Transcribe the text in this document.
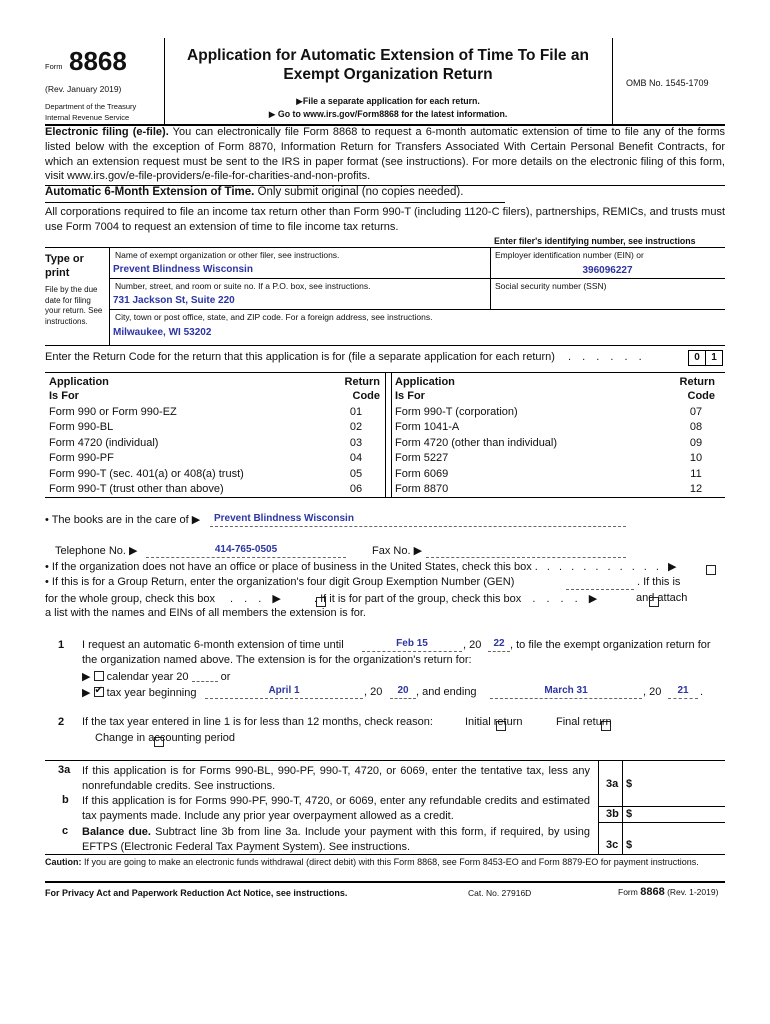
Form 8868
(Rev. January 2019)
Department of the Treasury
Internal Revenue Service
Application for Automatic Extension of Time To File an
Exempt Organization Return
▶File a separate application for each return.
▶ Go to www.irs.gov/Form8868 for the latest information.
OMB No. 1545-1709
Electronic filing (e-file). You can electronically file Form 8868 to request a 6-month automatic extension of time to file any of the forms listed below with the exception of Form 8870, Information Return for Transfers Associated With Certain Personal Benefit Contracts, for which an extension request must be sent to the IRS in paper format (see instructions). For more details on the electronic filing of this form, visit www.irs.gov/e-file-providers/e-file-for-charities-and-non-profits.
Automatic 6-Month Extension of Time. Only submit original (no copies needed).
All corporations required to file an income tax return other than Form 990-T (including 1120-C filers), partnerships, REMICs, and trusts must use Form 7004 to request an extension of time to file income tax returns.
Enter filer's identifying number, see instructions
Type or print
File by the due date for filing your return. See instructions.
Name of exempt organization or other filer, see instructions.
Prevent Blindness Wisconsin
Number, street, and room or suite no. If a P.O. box, see instructions.
731 Jackson St, Suite 220
City, town or post office, state, and ZIP code. For a foreign address, see instructions.
Milwaukee, WI 53202
Employer identification number (EIN) or
396096227
Social security number (SSN)
Enter the Return Code for the return that this application is for (file a separate application for each return) . . . . . .	0	1
Application
Is For
Return
Code
Application
Is For
Return
Code
Form 990 or Form 990-EZ	01
Form 990-BL	02
Form 4720 (individual)	03
Form 990-PF	04
Form 990-T (sec. 401(a) or 408(a) trust)	05
Form 990-T (trust other than above)	06
Form 990-T (corporation)	07
Form 1041-A	08
Form 4720 (other than individual)	09
Form 5227	10
Form 6069	11
Form 8870	12
• The books are in the care of ▶	Prevent Blindness Wisconsin
Telephone No. ▶	414-765-0505	Fax No. ▶
• If the organization does not have an office or place of business in the United States, check this box . . . . . . . . . . . ▶

• If this is for a Group Return, enter the organization's four digit Group Exemption Number (GEN)	. If this is
for the whole group, check this box . . . ▶
	. If it is for part of the group, check this box . . . . ▶
	and attach
a list with the names and EINs of all members the extension is for.
1 I request an automatic 6-month extension of time until	Feb 15	, 20	22 , to file the exempt organization return for
the organization named above. The extension is for the organization's return for:
▶ calendar year 20	or
▶ ✔ tax year beginning	April 1	, 20	20 , and ending	March 31	, 20	21	.
2 If the tax year entered in line 1 is for less than 12 months, check reason:
	Initial return
	Final return
Change in accounting period
3a If this application is for Forms 990-BL, 990-PF, 990-T, 4720, or 6069, enter the tentative tax, less any nonrefundable credits. See instructions.	3a $
b If this application is for Forms 990-PF, 990-T, 4720, or 6069, enter any refundable credits and estimated tax payments made. Include any prior year overpayment allowed as a credit.	3b $
c Balance due. Subtract line 3b from line 3a. Include your payment with this form, if required, by using EFTPS (Electronic Federal Tax Payment System). See instructions.	3c $
Caution: If you are going to make an electronic funds withdrawal (direct debit) with this Form 8868, see Form 8453-EO and Form 8879-EO for payment instructions.
For Privacy Act and Paperwork Reduction Act Notice, see instructions.	Cat. No. 27916D	Form 8868 (Rev. 1-2019)
